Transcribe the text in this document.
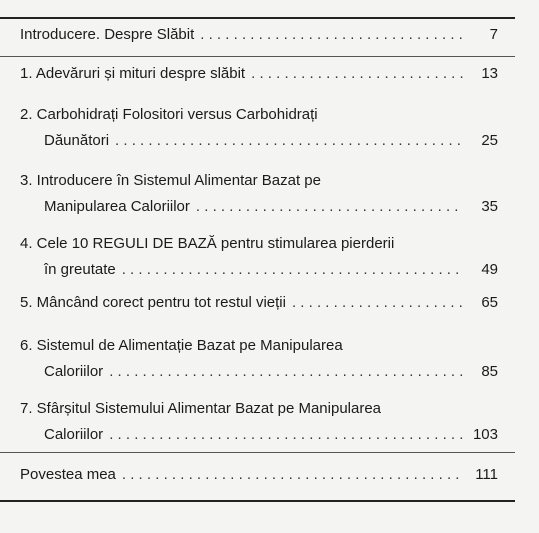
Introducere. Despre Slăbit . . .	7
1. Adevăruri și mituri despre slăbit . . .	13
2. Carbohidrați Folositori versus Carbohidrați
Dăunători . . .	25
3. Introducere în Sistemul Alimentar Bazat pe
Manipularea Caloriilor . . .	35
4. Cele 10 REGULI DE BAZĂ pentru stimularea pierderii
în greutate . . .	49
5. Mâncând corect pentru tot restul vieții . . .	65
6. Sistemul de Alimentație Bazat pe Manipularea
Caloriilor . . .	85
7. Sfârșitul Sistemului Alimentar Bazat pe Manipularea
Caloriilor . . .	103
Povestea mea . . .	111
